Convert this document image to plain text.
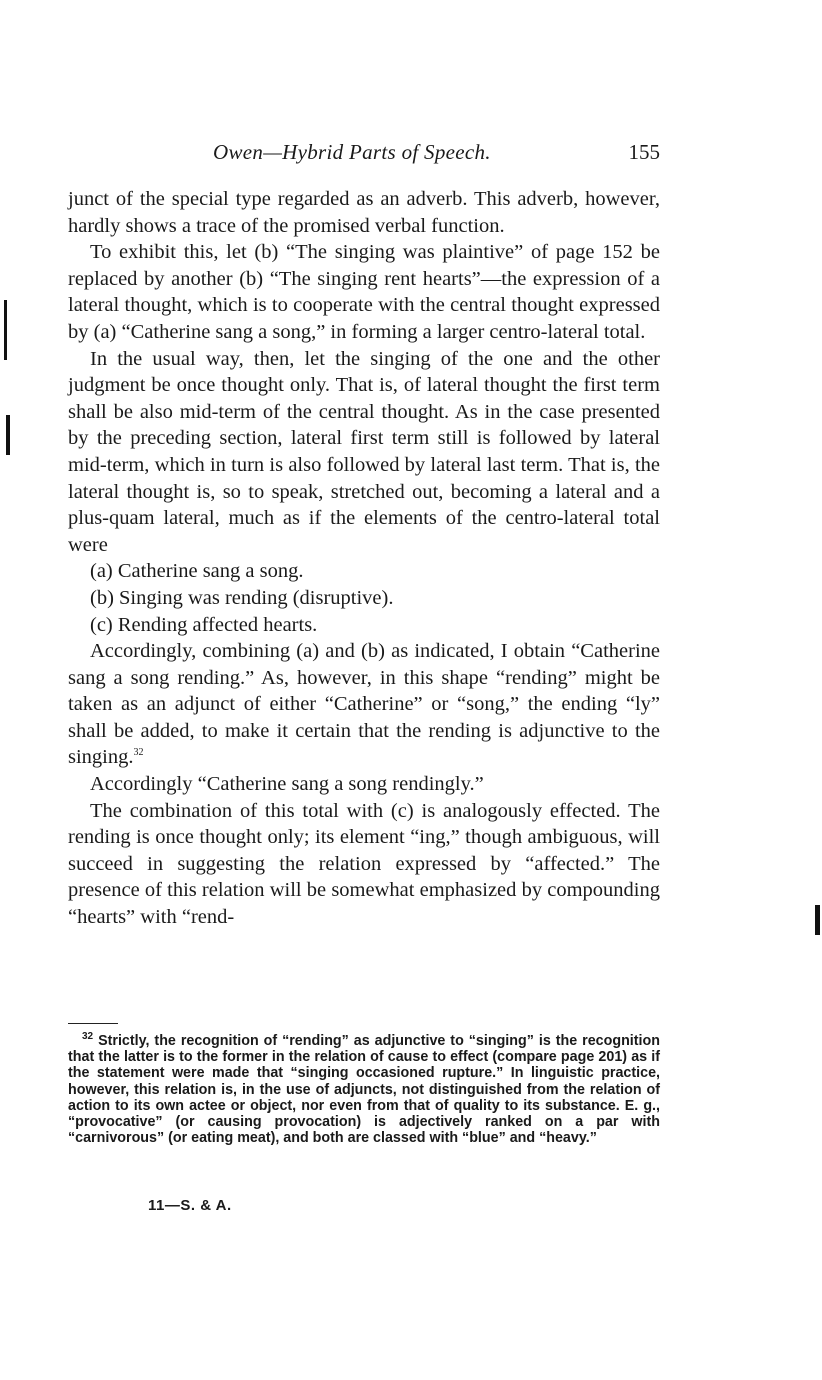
Owen—Hybrid Parts of Speech.	155

junct of the special type regarded as an adverb. This adverb, however, hardly shows a trace of the promised verbal function.

To exhibit this, let (b) “The singing was plaintive” of page 152 be replaced by another (b) “The singing rent hearts”—the expression of a lateral thought, which is to cooperate with the central thought expressed by (a) “Catherine sang a song,” in forming a larger centro-lateral total.

In the usual way, then, let the singing of the one and the other judgment be once thought only. That is, of lateral thought the first term shall be also mid-term of the central thought. As in the case presented by the preceding section, lateral first term still is followed by lateral mid-term, which in turn is also followed by lateral last term. That is, the lateral thought is, so to speak, stretched out, becoming a lateral and a plus-quam lateral, much as if the elements of the centro-lateral total were

(a) Catherine sang a song.

(b) Singing was rending (disruptive).

(c) Rending affected hearts.

Accordingly, combining (a) and (b) as indicated, I obtain “Catherine sang a song rending.” As, however, in this shape “rending” might be taken as an adjunct of either “Catherine” or “song,” the ending “ly” shall be added, to make it certain that the rending is adjunctive to the singing.$^{32}$

Accordingly “Catherine sang a song rendingly.”

The combination of this total with (c) is analogously effected. The rending is once thought only; its element “ing,” though ambiguous, will succeed in suggesting the relation expressed by “affected.” The presence of this relation will be somewhat emphasized by compounding “hearts” with “rend-

$^{32}$ Strictly, the recognition of “rending” as adjunctive to “singing” is the recognition that the latter is to the former in the relation of cause to effect (compare page 201) as if the statement were made that “singing occasioned rupture.” In linguistic practice, however, this relation is, in the use of adjuncts, not distinguished from the relation of action to its own actee or object, nor even from that of quality to its substance. E. g., “provocative” (or causing provocation) is adjectively ranked on a par with “carnivorous” (or eating meat), and both are classed with “blue” and “heavy.”

11—S. & A.
